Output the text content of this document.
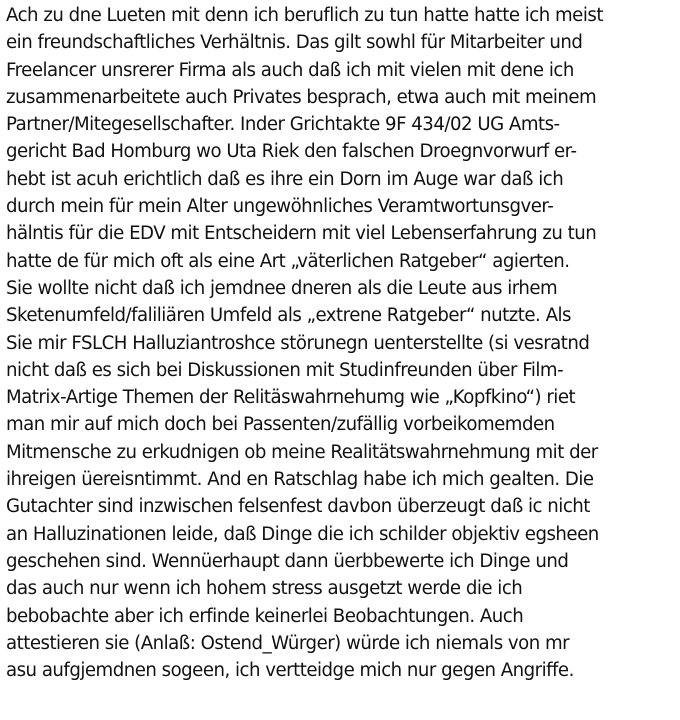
Ach zu dne Lueten mit denn ich beruflich zu tun hatte hatte ich meist
ein freundschaftliches Verhältnis. Das gilt sowhl für Mitarbeiter und
Freelancer unsrerer Firma als auch daß ich mit vielen mit dene ich
zusammenarbeitete auch Privates besprach, etwa auch mit meinem
Partner/Mitegesellschafter. Inder Grichtakte 9F 434/02 UG Amts-
gericht Bad Homburg wo Uta Riek den falschen Droegnvorwurf er-
hebt ist acuh erichtlich daß es ihre ein Dorn im Auge war daß ich
durch mein für mein Alter ungewöhnliches Veramtwortunsgver-
hälntis für die EDV mit Entscheidern mit viel Lebenserfahrung zu tun
hatte de für mich oft als eine Art „väterlichen Ratgeber“ agierten.
Sie wollte nicht daß ich jemdnee dneren als die Leute aus irhem
Sketenumfeld/faliliären Umfeld als „extrene Ratgeber“ nutzte. Als
Sie mir FSLCH Halluziantroshce störunegn uenterstellte (si vesratnd
nicht daß es sich bei Diskussionen mit Studinfreunden über Film-
Matrix-Artige Themen der Relitäswahrnehumg wie „Kopfkino“) riet
man mir auf mich doch bei Passenten/zufällig vorbeikomemden
Mitmensche zu erkudnigen ob meine Realitätswahrnehmung mit der
ihreigen üereisntimmt. And en Ratschlag habe ich mich gealten. Die
Gutachter sind inzwischen felsenfest davbon überzeugt daß ic nicht
an Halluzinationen leide, daß Dinge die ich schilder objektiv egsheen
geschehen sind. Wennüerhaupt dann üerbbewerte ich Dinge und
das auch nur wenn ich hohem stress ausgetzt werde die ich
bebobachte aber ich erfinde keinerlei Beobachtungen. Auch
attestieren sie (Anlaß: Ostend_Würger) würde ich niemals von mr
asu aufgjemdnen sogeen, ich vertteidge mich nur gegen Angriffe.
